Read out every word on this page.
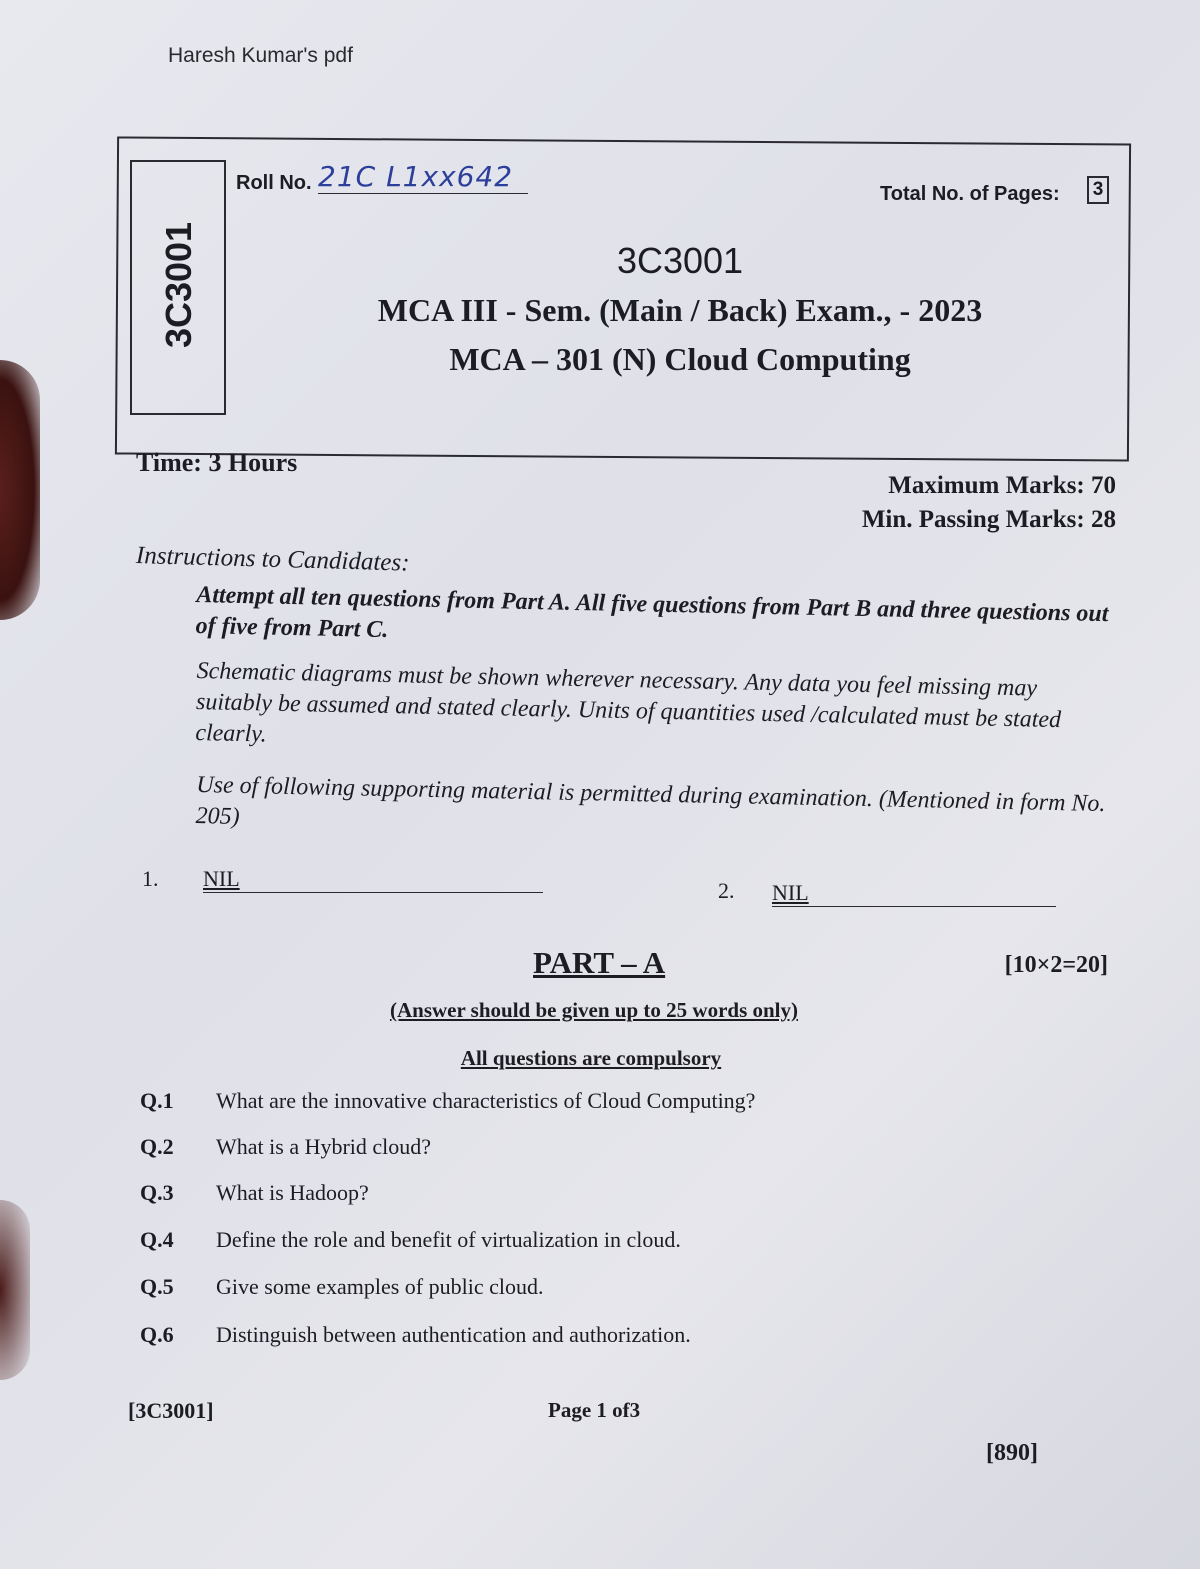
Haresh Kumar's pdf
3C3001
Roll No. 21C L1xx642
Total No. of Pages:	3
3C3001
MCA III - Sem. (Main / Back) Exam., - 2023
MCA – 301 (N) Cloud Computing
Time: 3 Hours
Maximum Marks: 70
Min. Passing Marks: 28
Instructions to Candidates:
Attempt all ten questions from Part A. All five questions from Part B and three questions out of five from Part C.
Schematic diagrams must be shown wherever necessary. Any data you feel missing may suitably be assumed and stated clearly. Units of quantities used /calculated must be stated clearly.
Use of following supporting material is permitted during examination. (Mentioned in form No. 205)
1. NIL	2. NIL
PART – A	[10×2=20]
(Answer should be given up to 25 words only)
All questions are compulsory
Q.1 What are the innovative characteristics of Cloud Computing?
Q.2 What is a Hybrid cloud?
Q.3 What is Hadoop?
Q.4 Define the role and benefit of virtualization in cloud.
Q.5 Give some examples of public cloud.
Q.6 Distinguish between authentication and authorization.
[3C3001]	Page 1 of3
[890]
